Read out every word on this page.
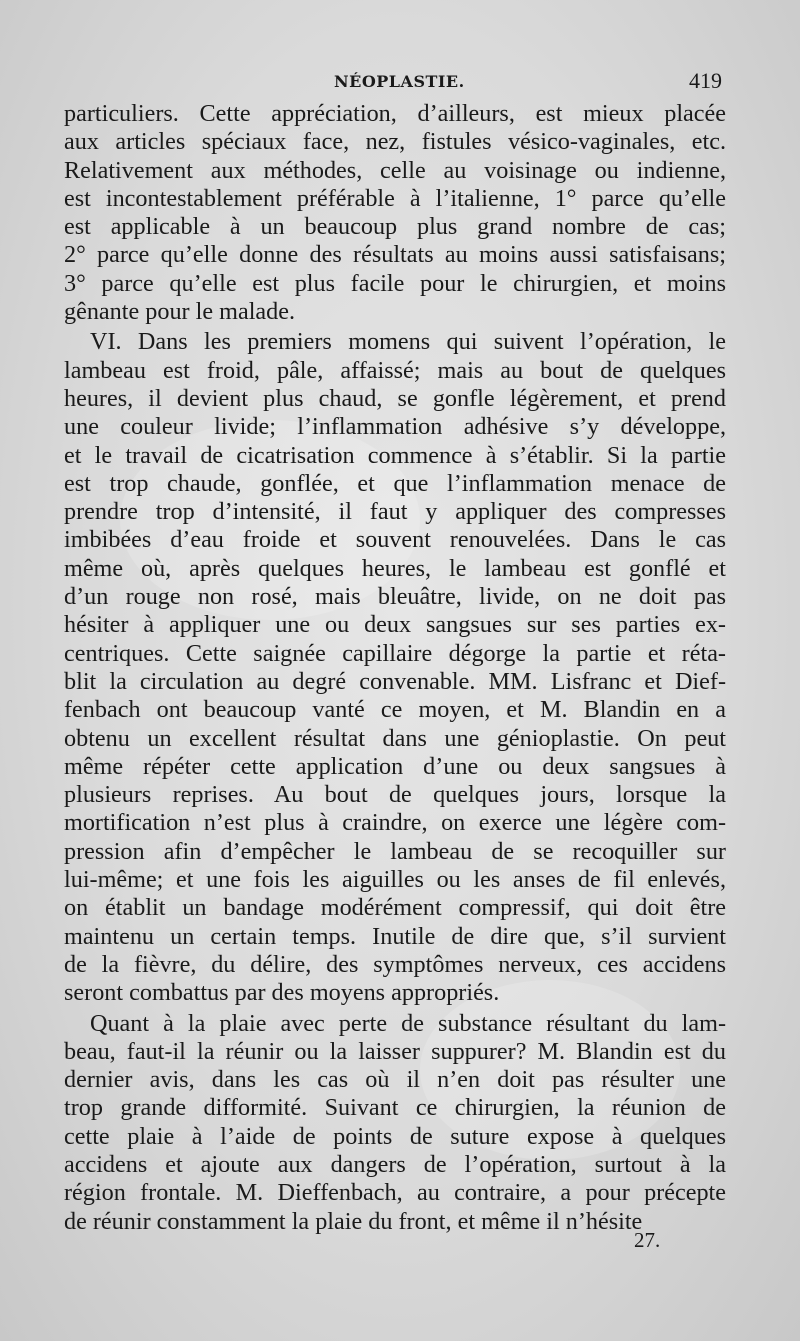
NÉOPLASTIE.	419
particuliers. Cette appréciation, d’ailleurs, est mieux placée
aux articles spéciaux face, nez, fistules vésico-vaginales, etc.
Relativement aux méthodes, celle au voisinage ou indienne,
est incontestablement préférable à l’italienne, 1° parce qu’elle
est applicable à un beaucoup plus grand nombre de cas;
2° parce qu’elle donne des résultats au moins aussi satisfaisans;
3° parce qu’elle est plus facile pour le chirurgien, et moins
gênante pour le malade.
VI. Dans les premiers momens qui suivent l’opération, le
lambeau est froid, pâle, affaissé; mais au bout de quelques
heures, il devient plus chaud, se gonfle légèrement, et prend
une couleur livide; l’inflammation adhésive s’y développe,
et le travail de cicatrisation commence à s’établir. Si la partie
est trop chaude, gonflée, et que l’inflammation menace de
prendre trop d’intensité, il faut y appliquer des compresses
imbibées d’eau froide et souvent renouvelées. Dans le cas
même où, après quelques heures, le lambeau est gonflé et
d’un rouge non rosé, mais bleuâtre, livide, on ne doit pas
hésiter à appliquer une ou deux sangsues sur ses parties ex-
centriques. Cette saignée capillaire dégorge la partie et réta-
blit la circulation au degré convenable. MM. Lisfranc et Dief-
fenbach ont beaucoup vanté ce moyen, et M. Blandin en a
obtenu un excellent résultat dans une génioplastie. On peut
même répéter cette application d’une ou deux sangsues à
plusieurs reprises. Au bout de quelques jours, lorsque la
mortification n’est plus à craindre, on exerce une légère com-
pression afin d’empêcher le lambeau de se recoquiller sur
lui-même; et une fois les aiguilles ou les anses de fil enlevés,
on établit un bandage modérément compressif, qui doit être
maintenu un certain temps. Inutile de dire que, s’il survient
de la fièvre, du délire, des symptômes nerveux, ces accidens
seront combattus par des moyens appropriés.
Quant à la plaie avec perte de substance résultant du lam-
beau, faut-il la réunir ou la laisser suppurer? M. Blandin est du
dernier avis, dans les cas où il n’en doit pas résulter une
trop grande difformité. Suivant ce chirurgien, la réunion de
cette plaie à l’aide de points de suture expose à quelques
accidens et ajoute aux dangers de l’opération, surtout à la
région frontale. M. Dieffenbach, au contraire, a pour précepte
de réunir constamment la plaie du front, et même il n’hésite
27.
